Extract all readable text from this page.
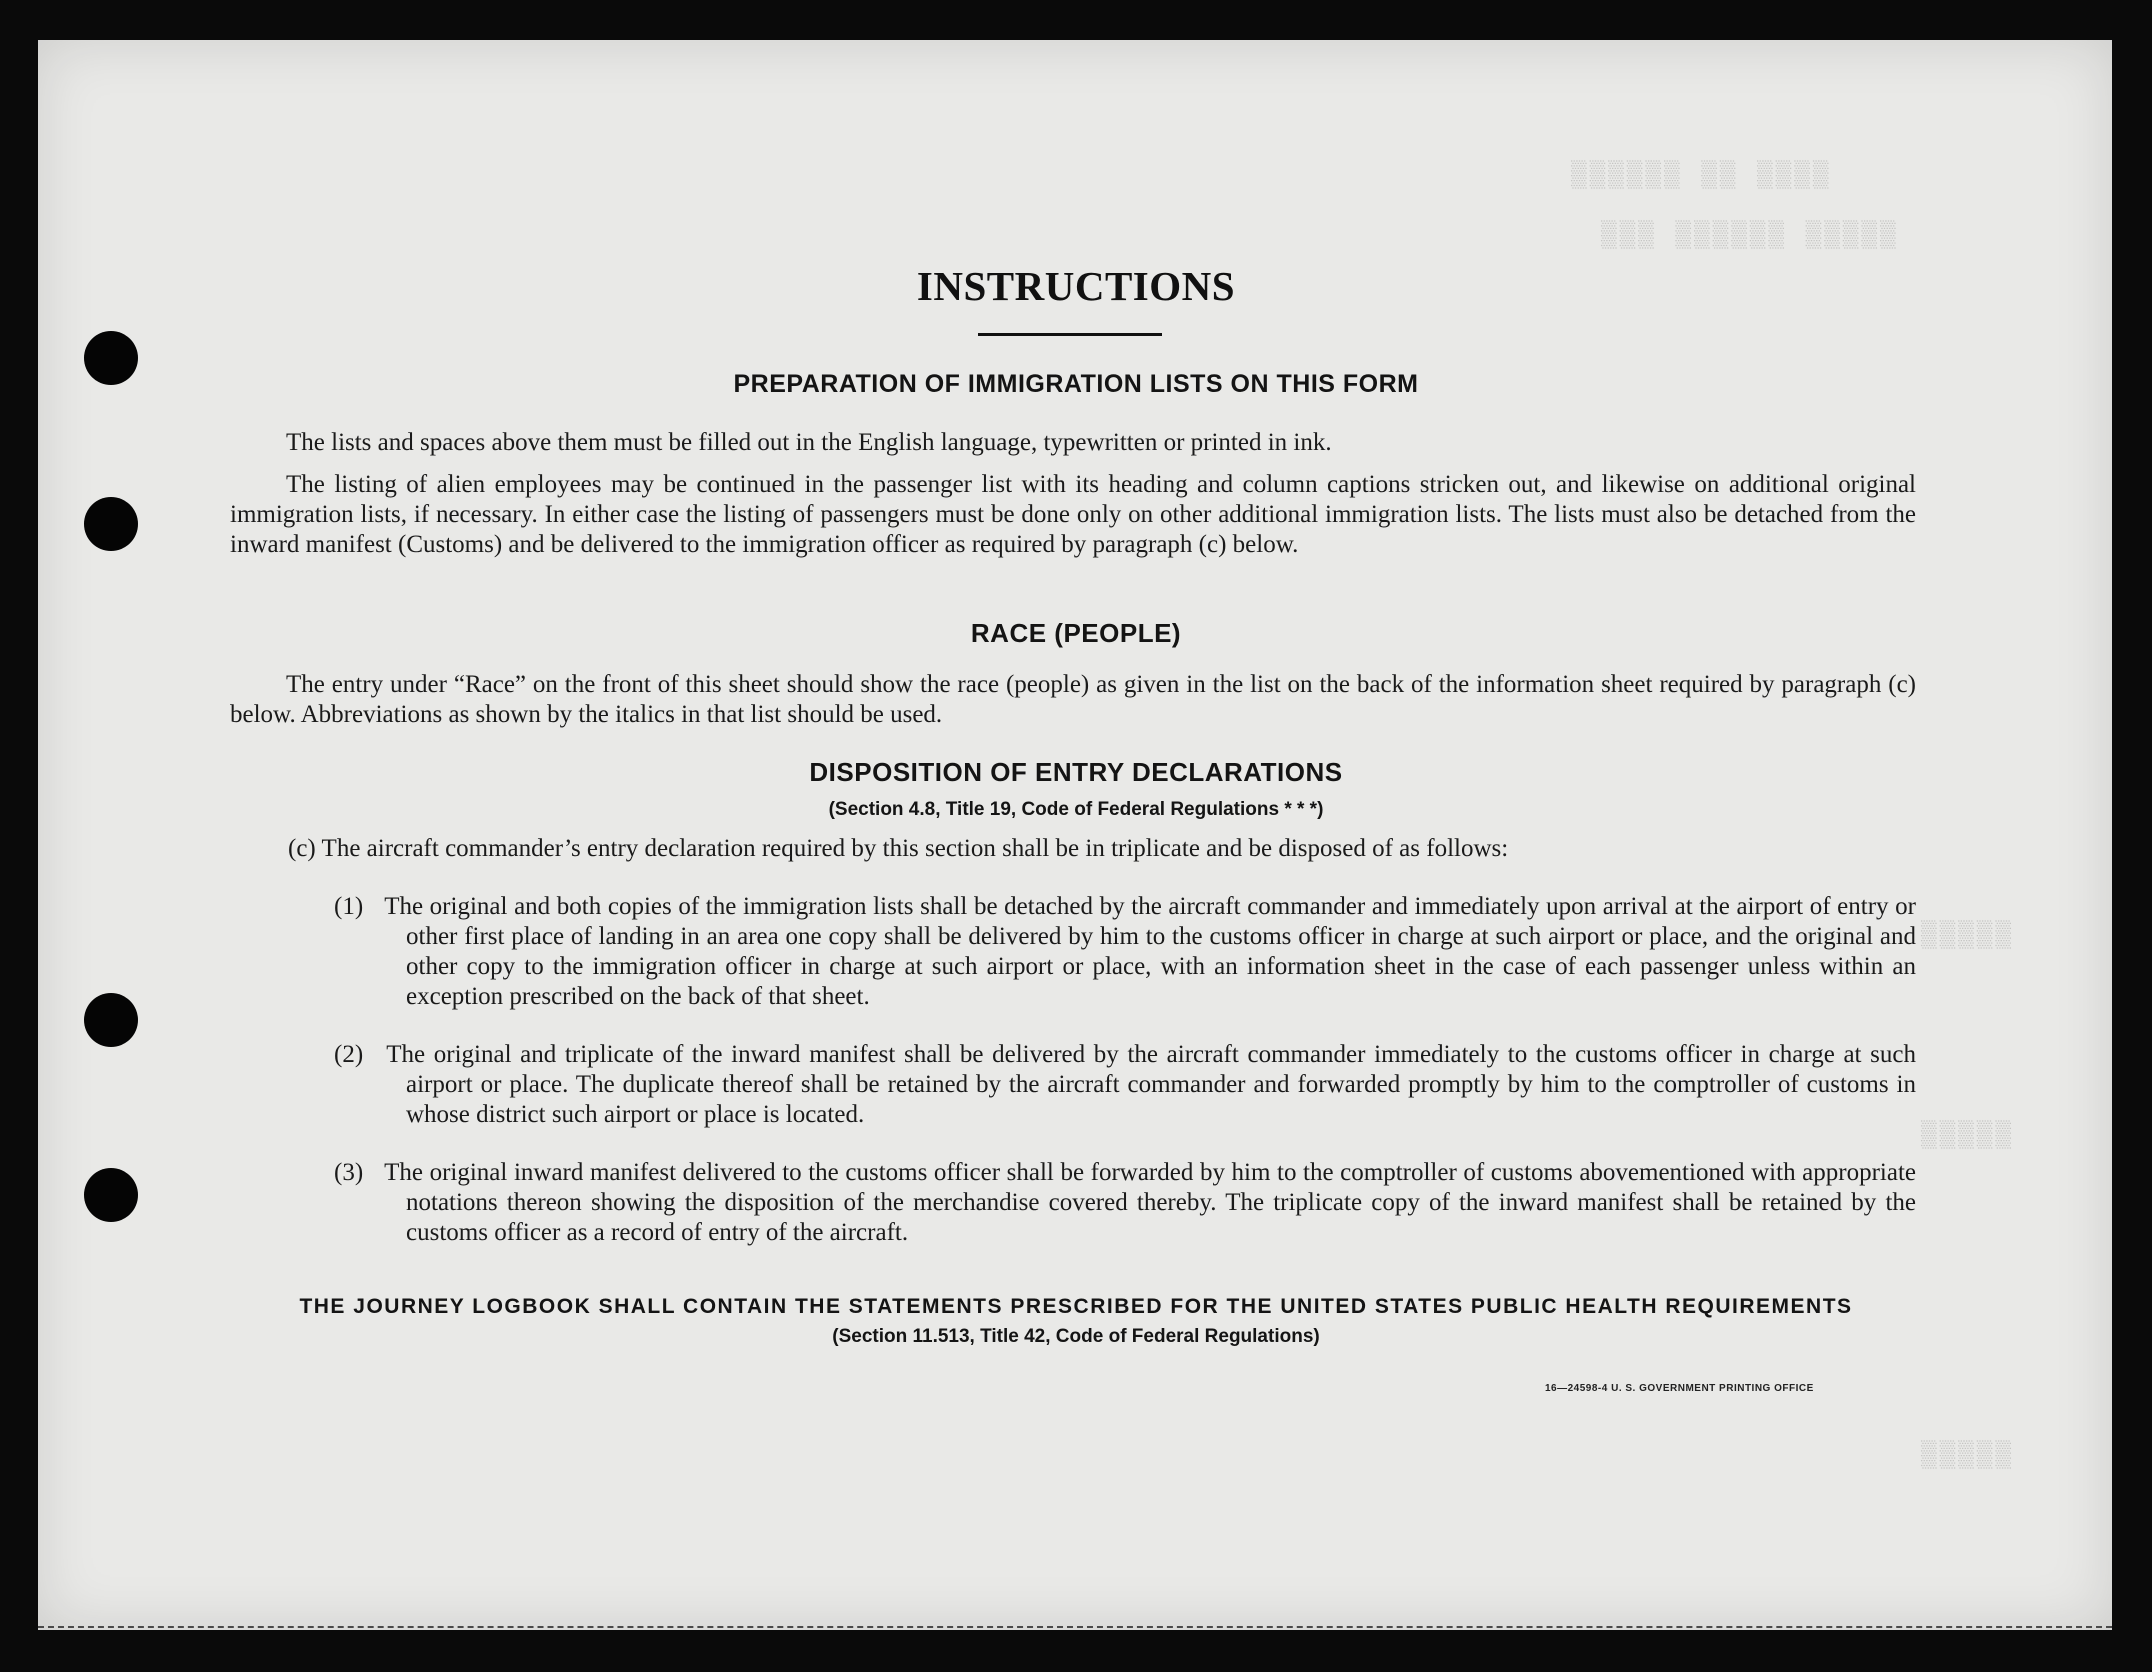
▒▒▒▒ ▒▒ ▒▒▒▒▒▒
▒▒▒▒▒ ▒▒▒▒▒▒ ▒▒▒
▒▒▒▒▒
▒▒▒▒▒
▒▒▒▒▒
INSTRUCTIONS
PREPARATION OF IMMIGRATION LISTS ON THIS FORM

The lists and spaces above them must be filled out in the English language, typewritten or printed in ink.

The listing of alien employees may be continued in the passenger list with its heading and column captions stricken out, and likewise on additional original immigration lists, if necessary. In either case the listing of passengers must be done only on other additional immigration lists. The lists must also be detached from the inward manifest (Customs) and be delivered to the immigration officer as required by paragraph (c) below.

RACE (PEOPLE)

The entry under “Race” on the front of this sheet should show the race (people) as given in the list on the back of the information sheet required by paragraph (c) below. Abbreviations as shown by the italics in that list should be used.

DISPOSITION OF ENTRY DECLARATIONS
(Section 4.8, Title 19, Code of Federal Regulations * * *)

(c) The aircraft commander’s entry declaration required by this section shall be in triplicate and be disposed of as follows:

(1) The original and both copies of the immigration lists shall be detached by the aircraft commander and immediately upon arrival at the airport of entry or other first place of landing in an area one copy shall be delivered by him to the customs officer in charge at such airport or place, and the original and other copy to the immigration officer in charge at such airport or place, with an information sheet in the case of each passenger unless within an exception prescribed on the back of that sheet.
(2) The original and triplicate of the inward manifest shall be delivered by the aircraft commander immediately to the customs officer in charge at such airport or place. The duplicate thereof shall be retained by the aircraft commander and forwarded promptly by him to the comptroller of customs in whose district such airport or place is located.
(3) The original inward manifest delivered to the customs officer shall be forwarded by him to the comptroller of customs abovementioned with appropriate notations thereon showing the disposition of the merchandise covered thereby. The triplicate copy of the inward manifest shall be retained by the customs officer as a record of entry of the aircraft.
THE JOURNEY LOGBOOK SHALL CONTAIN THE STATEMENTS PRESCRIBED FOR THE UNITED STATES PUBLIC HEALTH REQUIREMENTS
(Section 11.513, Title 42, Code of Federal Regulations)
16—24598-4 U. S. GOVERNMENT PRINTING OFFICE
